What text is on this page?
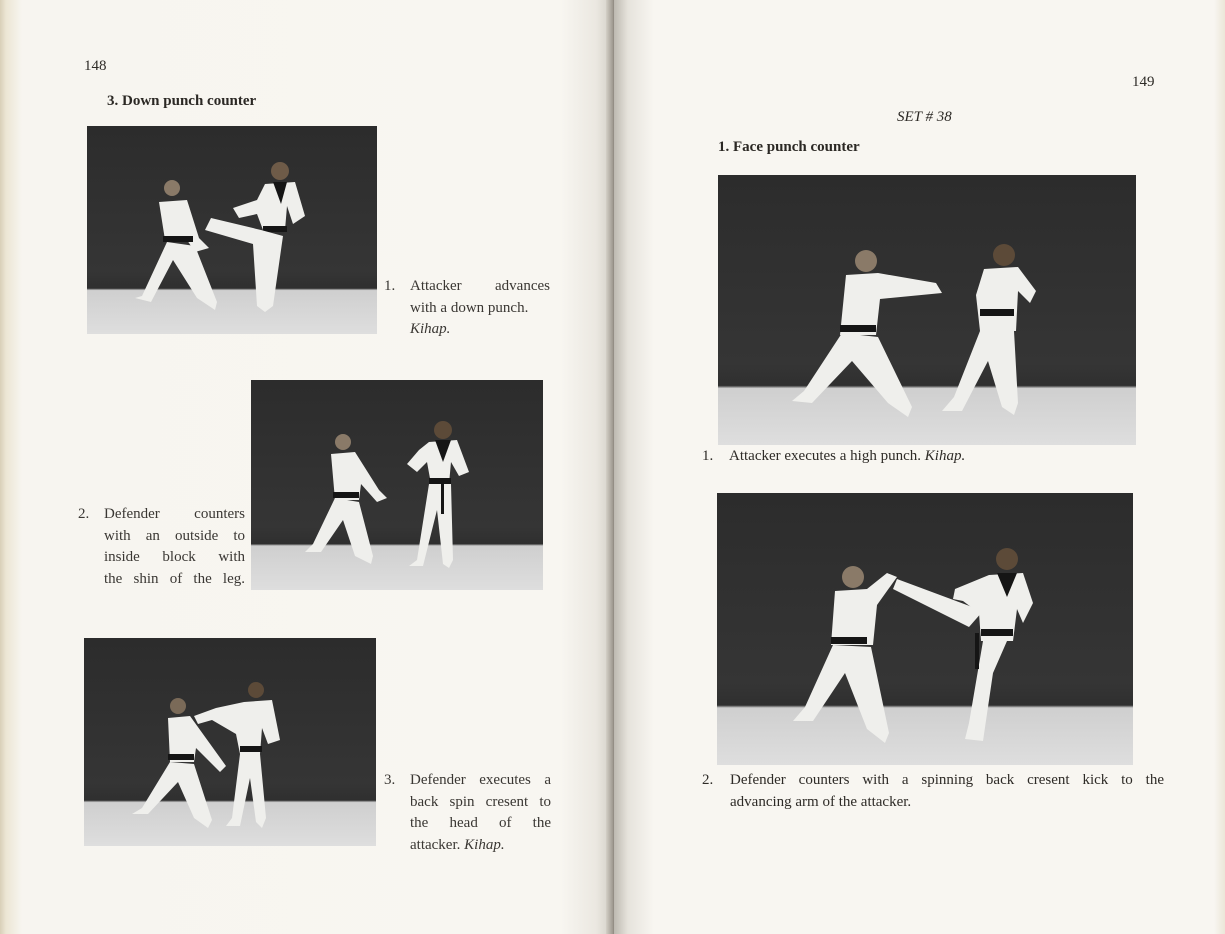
148
3. Down punch counter
1. Attacker advances
with a down punch.
Kihap.
2. Defender counters
with an outside to
inside block with
the shin of the leg.
3. Defender executes a
back spin cresent to
the head of the
attacker. Kihap.
149
SET # 38
1. Face punch counter
1. Attacker executes a high punch. Kihap.
2. Defender counters with a spinning back cresent kick to the
advancing arm of the attacker.
